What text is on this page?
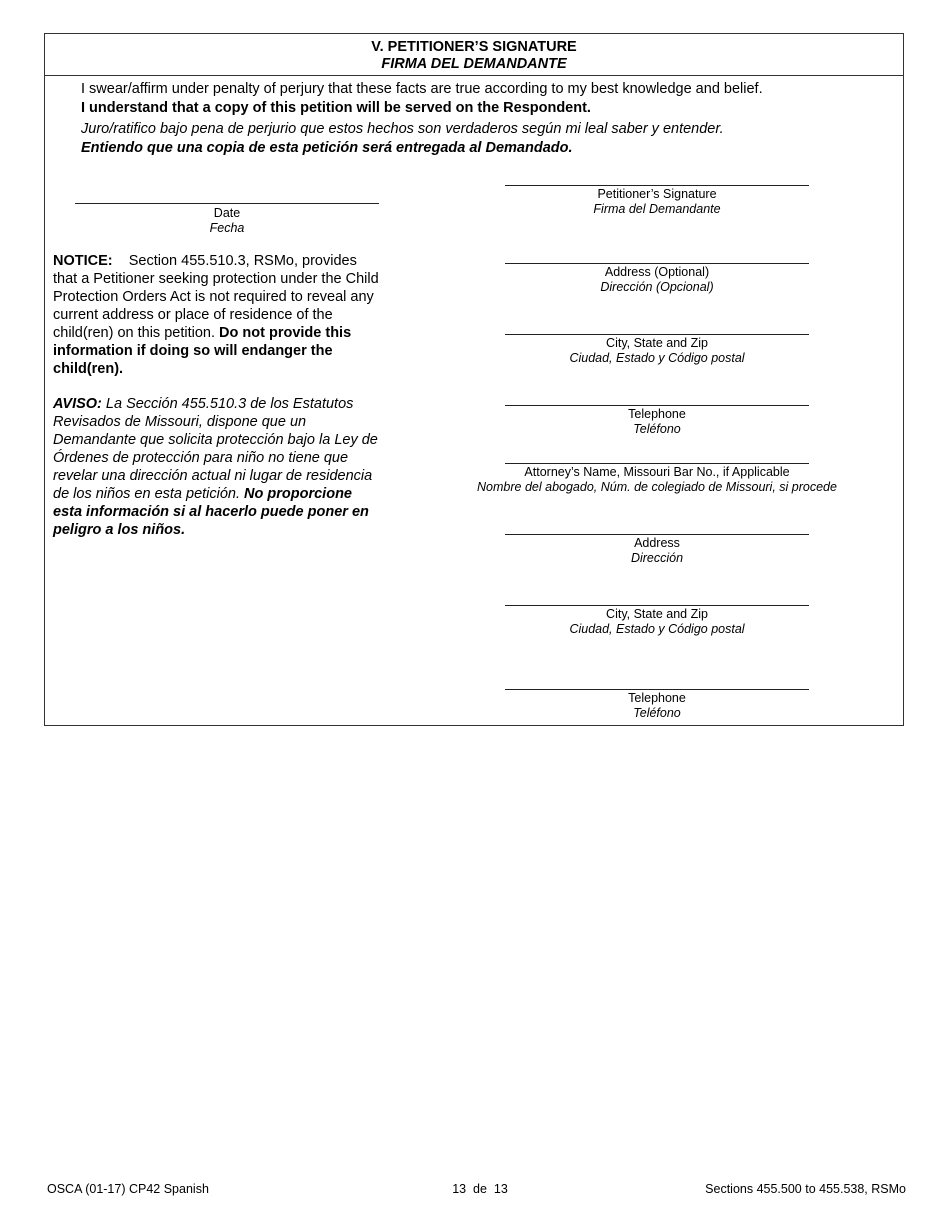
V. PETITIONER’S SIGNATURE
FIRMA DEL DEMANDANTE

I swear/affirm under penalty of perjury that these facts are true according to my best knowledge and belief.

I understand that a copy of this petition will be served on the Respondent.

Juro/ratifico bajo pena de perjurio que estos hechos son verdaderos según mi leal saber y entender.

Entiendo que una copia de esta petición será entregada al Demandado.

Date
Fecha
NOTICE: Section 455.510.3, RSMo, provides that a Petitioner seeking protection under the Child Protection Orders Act is not required to reveal any current address or place of residence of the child(ren) on this petition. Do not provide this information if doing so will endanger the child(ren).
AVISO: La Sección 455.510.3 de los Estatutos Revisados de Missouri, dispone que un Demandante que solicita protección bajo la Ley de Órdenes de protección para niño no tiene que revelar una dirección actual ni lugar de residencia de los niños en esta petición. No proporcione esta información si al hacerlo puede poner en peligro a los niños.
Petitioner’s Signature
Firma del Demandante
Address (Optional)
Dirección (Opcional)
City, State and Zip
Ciudad, Estado y Código postal
Telephone
Teléfono
Attorney’s Name, Missouri Bar No., if Applicable
Nombre del abogado, Núm. de colegiado de Missouri, si procede
Address
Dirección
City, State and Zip
Ciudad, Estado y Código postal
Telephone
Teléfono
OSCA (01-17) CP42 Spanish	13  de  13	Sections 455.500 to 455.538, RSMo
